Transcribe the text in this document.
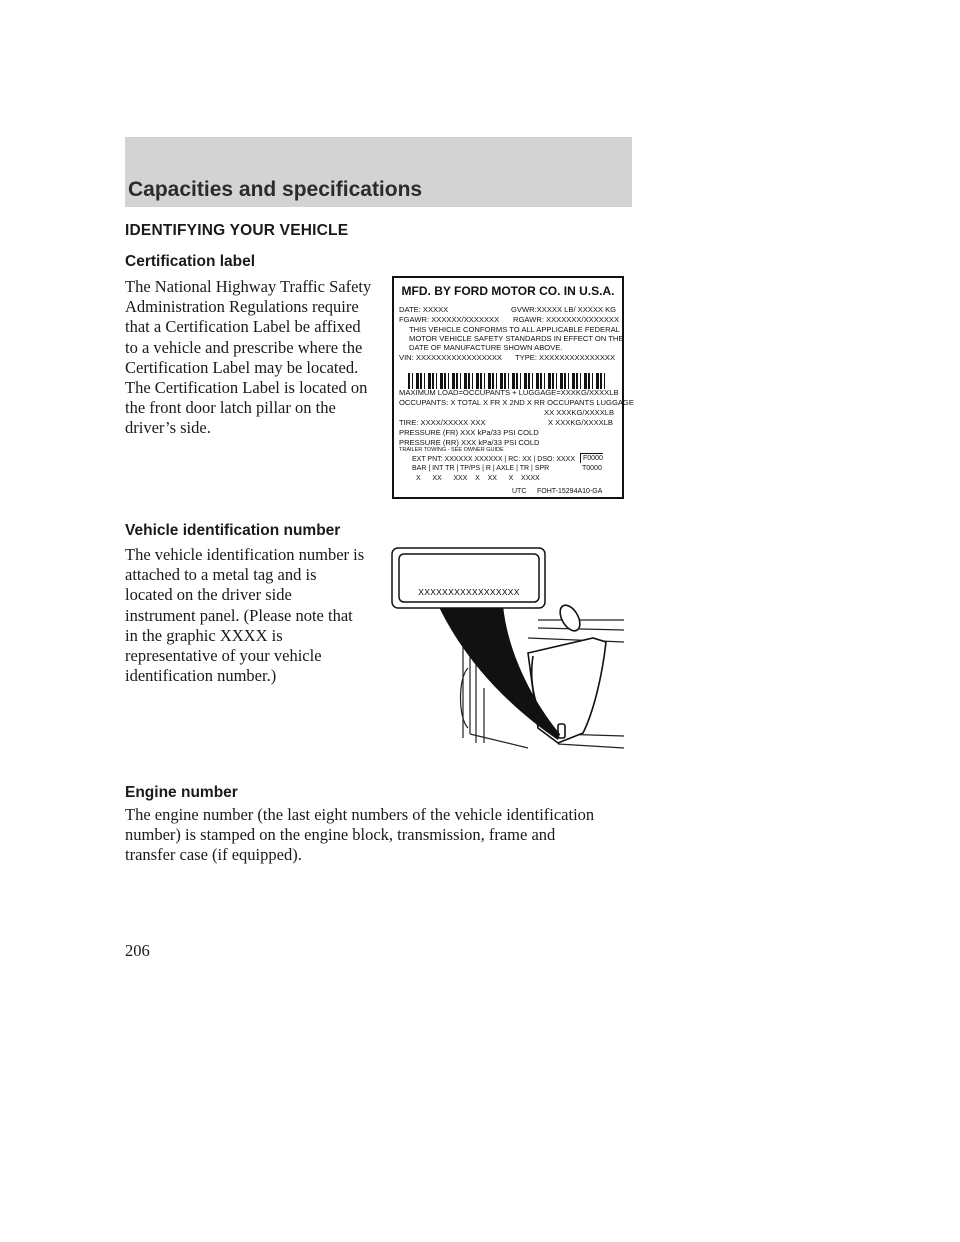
Capacities and specifications
IDENTIFYING YOUR VEHICLE
Certification label
The National Highway Traffic Safety
Administration Regulations require
that a Certification Label be affixed
to a vehicle and prescribe where the
Certification Label may be located.
The Certification Label is located on
the front door latch pillar on the
driver’s side.
MFD. BY FORD MOTOR CO. IN U.S.A.
DATE: XXXXX	GVWR:XXXXX LB/ XXXXX KG
FGAWR: XXXXXX/XXXXXXX RGAWR: XXXXXXX/XXXXXXX
THIS VEHICLE CONFORMS TO ALL APPLICABLE FEDERAL
MOTOR VEHICLE SAFETY STANDARDS IN EFFECT ON THE
DATE OF MANUFACTURE SHOWN ABOVE.
VIN: XXXXXXXXXXXXXXXXX TYPE: XXXXXXXXXXXXXXX
MAXIMUM LOAD=OCCUPANTS + LUGGAGE=XXXKG/XXXXLB
OCCUPANTS: X TOTAL X FR X 2ND X RR OCCUPANTS LUGGAGE
XX XXXKG/XXXXLB
TIRE: XXXX/XXXXX XXX	X XXXKG/XXXXLB
PRESSURE (FR) XXX kPa/33 PSI COLD
PRESSURE (RR) XXX kPa/33 PSI COLD
TRAILER TOWING - SEE OWNER GUIDE
EXT PNT: XXXXXX XXXXXX | RC: XX | DSO: XXXX	F0000
T0000
BAR | INT TR | TP/PS | R | AXLE | TR | SPR
X      XX      XXX    X    XX      X    XXXX
UTC FOHT-15294A10-GA
Vehicle identification number
The vehicle identification number is
attached to a metal tag and is
located on the driver side
instrument panel. (Please note that
in the graphic XXXX is
representative of your vehicle
identification number.)
XXXXXXXXXXXXXXXXX
Engine number
The engine number (the last eight numbers of the vehicle identification
number) is stamped on the engine block, transmission, frame and
transfer case (if equipped).
206
